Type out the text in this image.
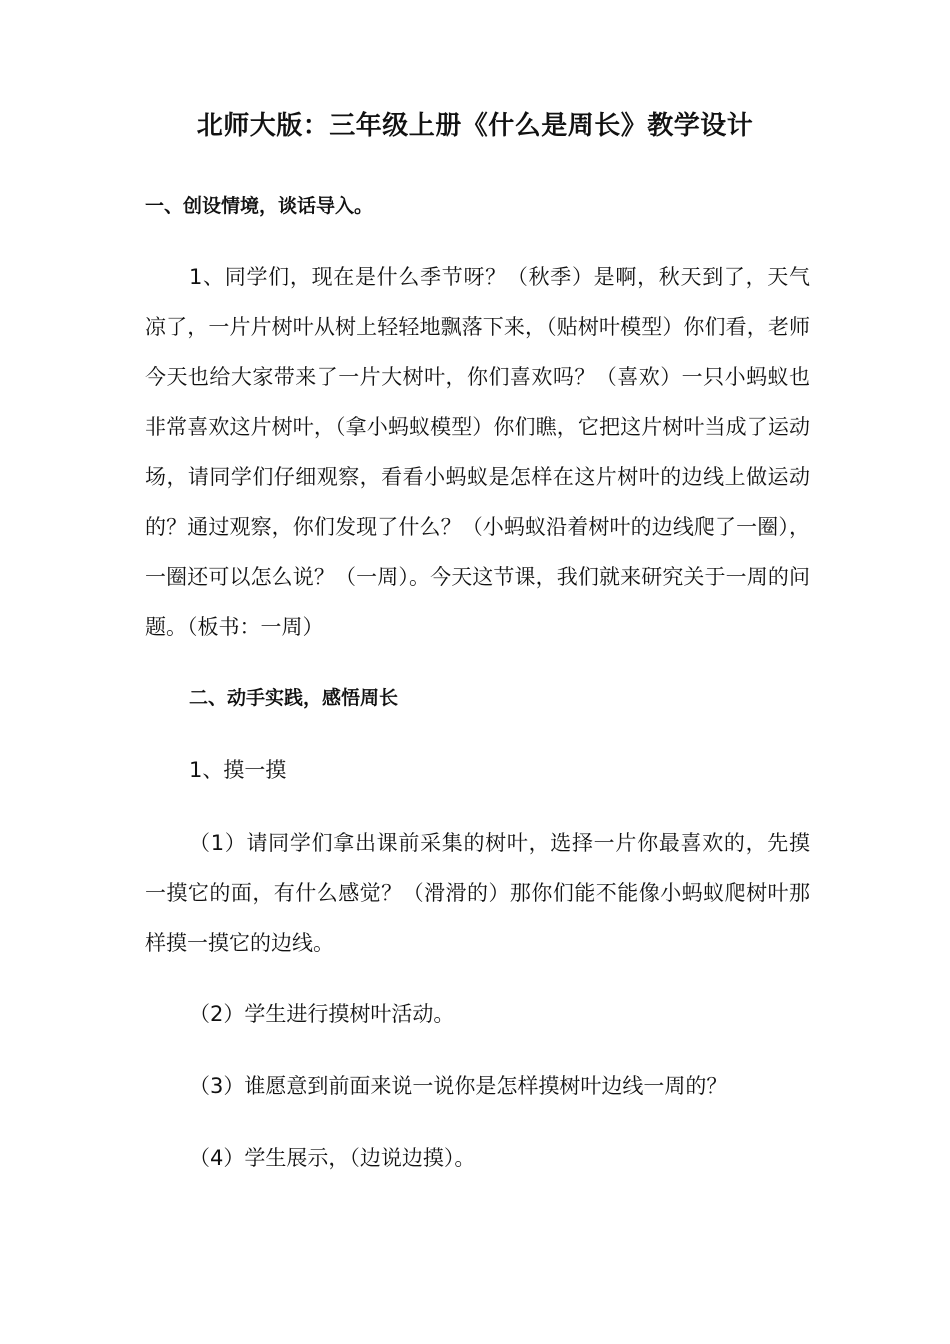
北师大版：三年级上册《什么是周长》教学设计
一、创设情境，谈话导入。

1、同学们，现在是什么季节呀？（秋季）是啊，秋天到了，天气凉了，一片片树叶从树上轻轻地飘落下来，（贴树叶模型）你们看，老师今天也给大家带来了一片大树叶，你们喜欢吗？（喜欢）一只小蚂蚁也非常喜欢这片树叶，（拿小蚂蚁模型）你们瞧，它把这片树叶当成了运动场，请同学们仔细观察，看看小蚂蚁是怎样在这片树叶的边线上做运动的？通过观察，你们发现了什么？（小蚂蚁沿着树叶的边线爬了一圈），一圈还可以怎么说？（一周）。今天这节课，我们就来研究关于一周的问题。（板书：一周）

二、动手实践，感悟周长
1、摸一摸

（1）请同学们拿出课前采集的树叶，选择一片你最喜欢的，先摸一摸它的面，有什么感觉？（滑滑的）那你们能不能像小蚂蚁爬树叶那样摸一摸它的边线。

（2）学生进行摸树叶活动。
（3）谁愿意到前面来说一说你是怎样摸树叶边线一周的？
（4）学生展示，（边说边摸）。
